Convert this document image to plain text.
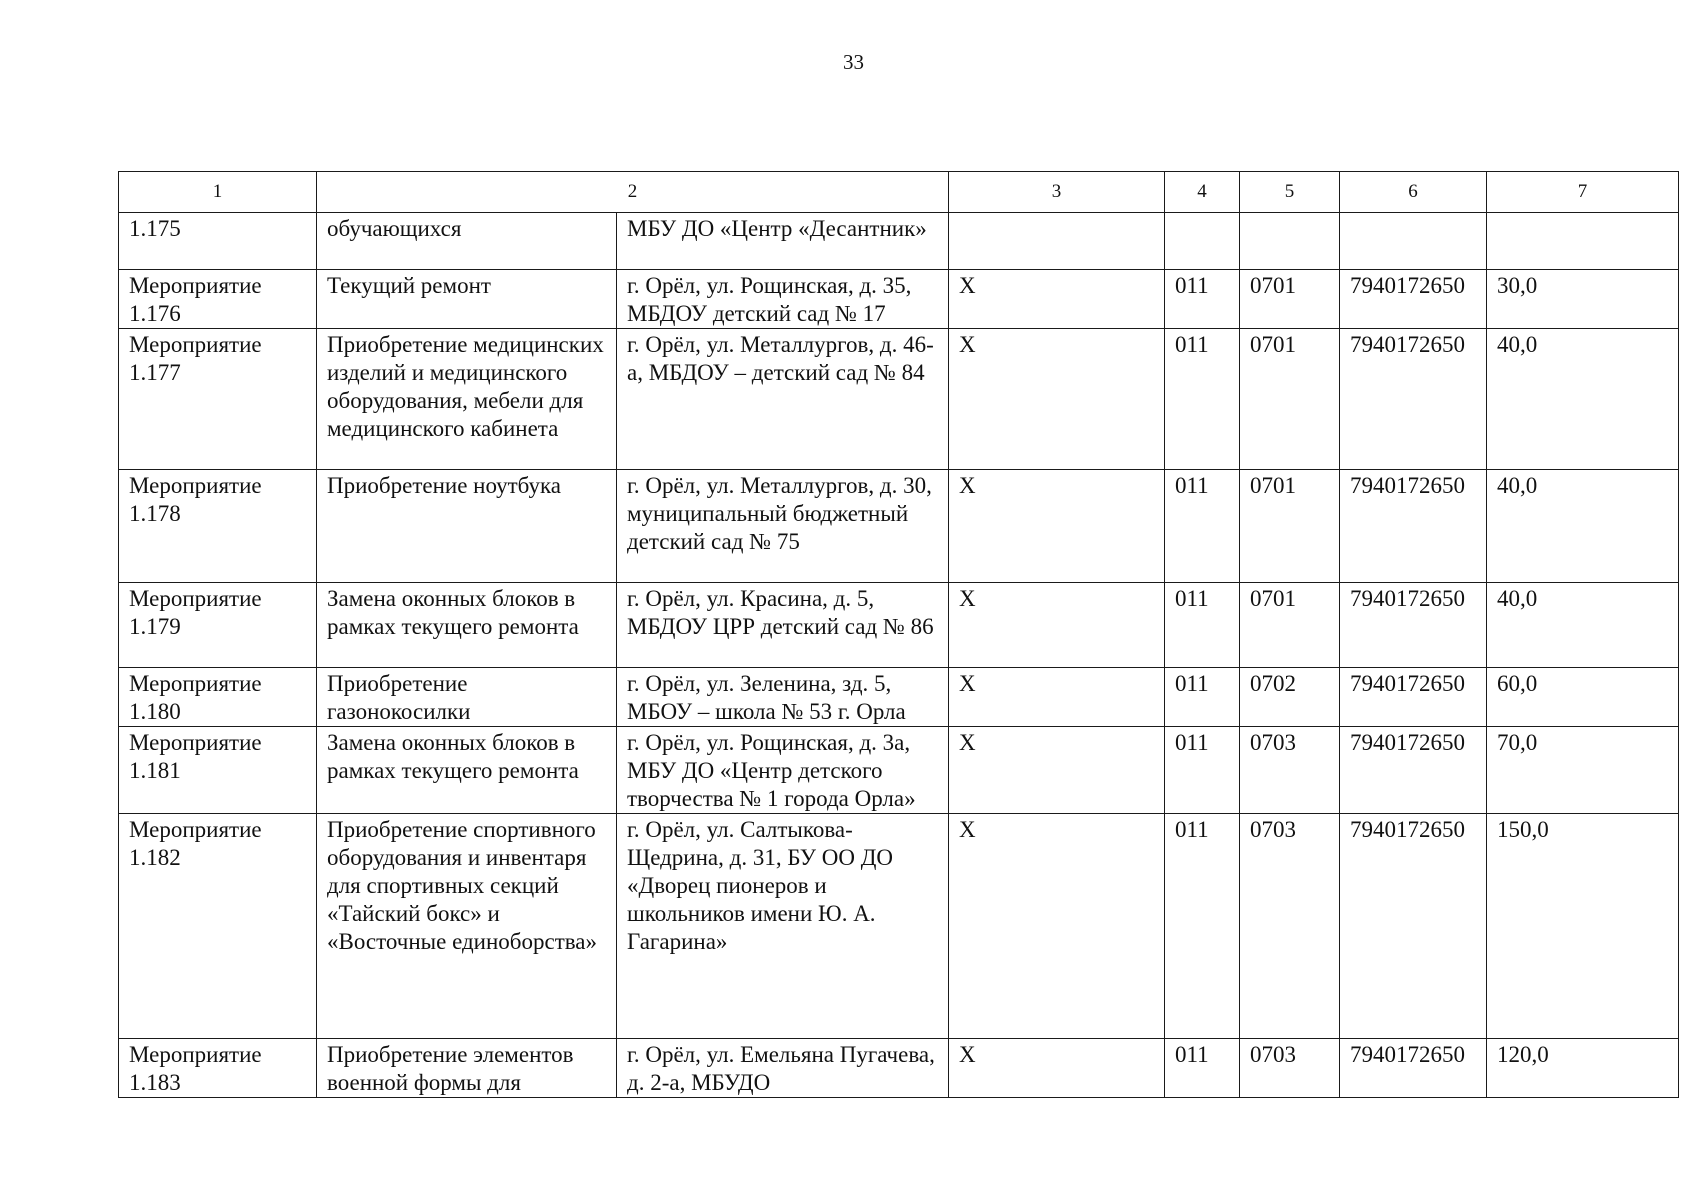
33
1	2		3	4	5	6	7
1.175	обучающихся	МБУ ДО «Центр «Десантник»					
Мероприятие 1.176	Текущий ремонт	г. Орёл, ул. Рощинская, д. 35, МБДОУ детский сад № 17	Х	011	0701	7940172650	30,0
Мероприятие 1.177	Приобретение медицинских изделий и медицинского оборудования, мебели для медицинского кабинета	г. Орёл, ул. Металлургов, д. 46-а, МБДОУ – детский сад № 84	Х	011	0701	7940172650	40,0
Мероприятие 1.178	Приобретение ноутбука	г. Орёл, ул. Металлургов, д. 30, муниципальный бюджетный детский сад № 75	Х	011	0701	7940172650	40,0
Мероприятие 1.179	Замена оконных блоков в рамках текущего ремонта	г. Орёл, ул. Красина, д. 5, МБДОУ ЦРР детский сад № 86	Х	011	0701	7940172650	40,0
Мероприятие 1.180	Приобретение газонокосилки	г. Орёл, ул. Зеленина, зд. 5, МБОУ – школа № 53 г. Орла	Х	011	0702	7940172650	60,0
Мероприятие 1.181	Замена оконных блоков в рамках текущего ремонта	г. Орёл, ул. Рощинская, д. 3а, МБУ ДО «Центр детского творчества № 1 города Орла»	Х	011	0703	7940172650	70,0
Мероприятие 1.182	Приобретение спортивного оборудования и инвентаря для спортивных секций «Тайский бокс» и «Восточные единоборства»	г. Орёл, ул. Салтыкова-Щедрина, д. 31, БУ ОО ДО «Дворец пионеров и школьников имени Ю. А. Гагарина»	Х	011	0703	7940172650	150,0
Мероприятие 1.183	Приобретение элементов военной формы для	г. Орёл, ул. Емельяна Пугачева, д. 2-а, МБУДО	Х	011	0703	7940172650	120,0
